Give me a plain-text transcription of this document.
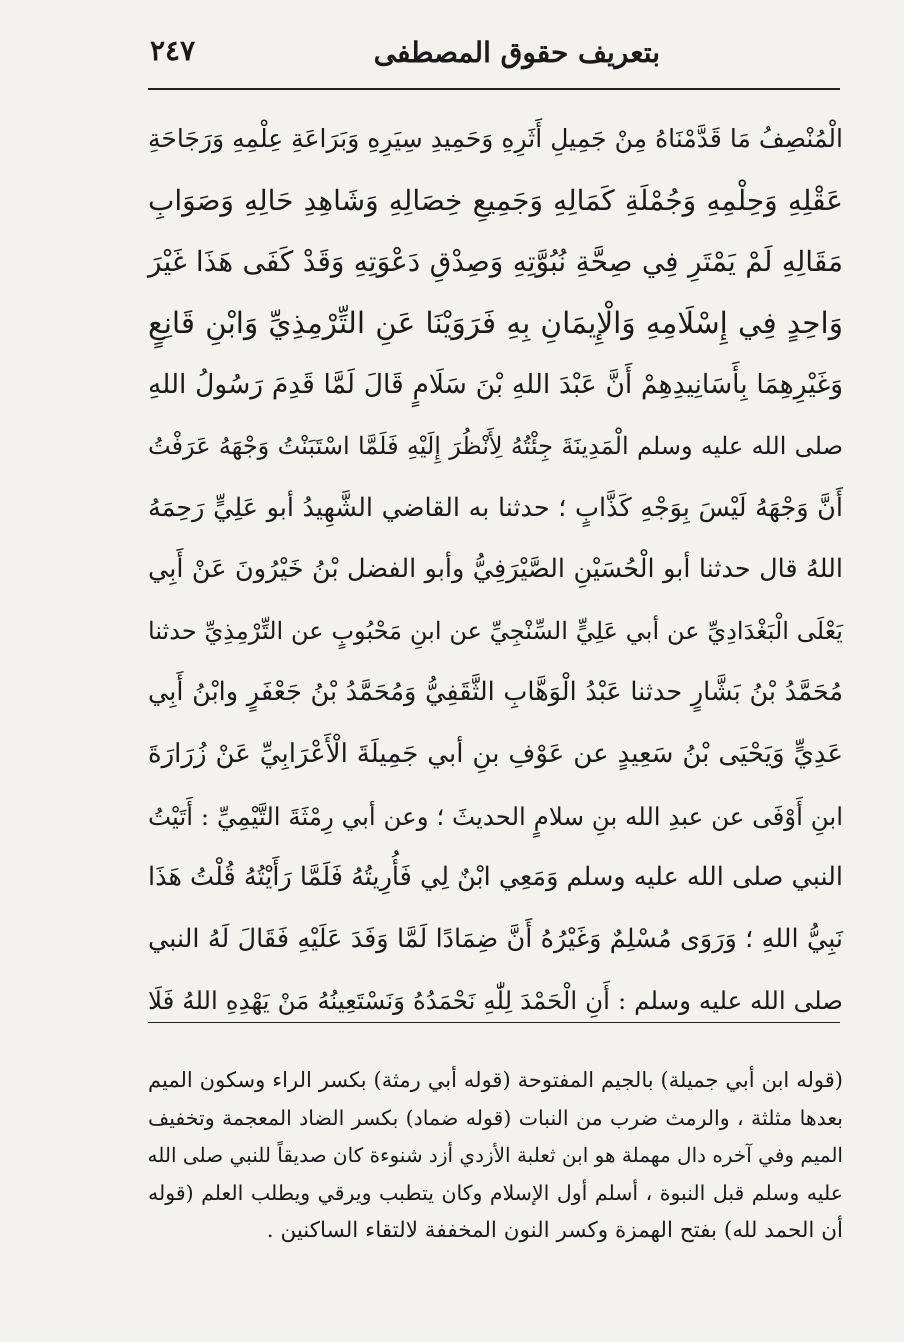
بتعريف حقوق المصطفى
٢٤٧
الْمُنْصِفُ مَا قَدَّمْنَاهُ مِنْ جَمِيلِ أَثَرِهِ وَحَمِيدِ سِيَرِهِ وَبَرَاعَةِ عِلْمِهِ وَرَجَاحَةِ
عَقْلِهِ وَحِلْمِهِ وَجُمْلَةِ كَمَالِهِ وَجَمِيعِ خِصَالِهِ وَشَاهِدِ حَالِهِ وَصَوَابِ
مَقَالِهِ لَمْ يَمْتَرِ فِي صِحَّةِ نُبُوَّتِهِ وَصِدْقِ دَعْوَتِهِ وَقَدْ كَفَى هَذَا غَيْرَ
وَاحِدٍ فِي إِسْلَامِهِ وَالْإِيمَانِ بِهِ فَرَوَيْنَا عَنِ التِّرْمِذِيِّ وَابْنِ قَانِعٍ
وَغَيْرِهِمَا بِأَسَانِيدِهِمْ أَنَّ عَبْدَ اللهِ بْنَ سَلَامٍ قَالَ لَمَّا قَدِمَ رَسُولُ اللهِ
صلى الله عليه وسلم الْمَدِينَةَ جِئْتُهُ لِأَنْظُرَ إِلَيْهِ فَلَمَّا اسْتَبَنْتُ وَجْهَهُ عَرَفْتُ
أَنَّ وَجْهَهُ لَيْسَ بِوَجْهِ كَذَّابٍ ؛ حدثنا به القاضي الشَّهِيدُ أبو عَلِيٍّ رَحِمَهُ
اللهُ قال حدثنا أبو الْحُسَيْنِ الصَّيْرَفِيُّ وأبو الفضل بْنُ خَيْرُونَ عَنْ أَبِي
يَعْلَى الْبَغْدَادِيِّ عن أبي عَلِيٍّ السِّنْجِيِّ عن ابنِ مَحْبُوبٍ عن التِّرْمِذِيِّ حدثنا
مُحَمَّدُ بْنُ بَشَّارٍ حدثنا عَبْدُ الْوَهَّابِ الثَّقَفِيُّ وَمُحَمَّدُ بْنُ جَعْفَرٍ وابْنُ أَبِي
عَدِيٍّ وَيَحْيَى بْنُ سَعِيدٍ عن عَوْفِ بنِ أبي جَمِيلَةَ الْأَعْرَابِيِّ عَنْ زُرَارَةَ
ابنِ أَوْفَى عن عبدِ الله بنِ سلامٍ الحديثَ ؛ وعن أبي رِمْثَةَ التَّيْمِيِّ : أَتَيْتُ
النبي صلى الله عليه وسلم وَمَعِي ابْنٌ لِي فَأُرِيتُهُ فَلَمَّا رَأَيْتُهُ قُلْتُ هَذَا
نَبِيُّ اللهِ ؛ وَرَوَى مُسْلِمٌ وَغَيْرُهُ أَنَّ ضِمَادًا لَمَّا وَفَدَ عَلَيْهِ فَقَالَ لَهُ النبي
صلى الله عليه وسلم : أَنِ الْحَمْدَ لِلّٰهِ نَحْمَدُهُ وَنَسْتَعِينُهُ مَنْ يَهْدِهِ اللهُ فَلَا
(قوله ابن أبي جميلة) بالجيم المفتوحة (قوله أبي رمثة) بكسر الراء وسكون الميم
بعدها مثلثة ، والرمث ضرب من النبات (قوله ضماد) بكسر الضاد المعجمة وتخفيف
الميم وفي آخره دال مهملة هو ابن ثعلبة الأزدي أزد شنوءة كان صديقاً للنبي صلى الله
عليه وسلم قبل النبوة ، أسلم أول الإسلام وكان يتطبب ويرقي ويطلب العلم (قوله
أن الحمد لله) بفتح الهمزة وكسر النون المخففة لالتقاء الساكنين .
